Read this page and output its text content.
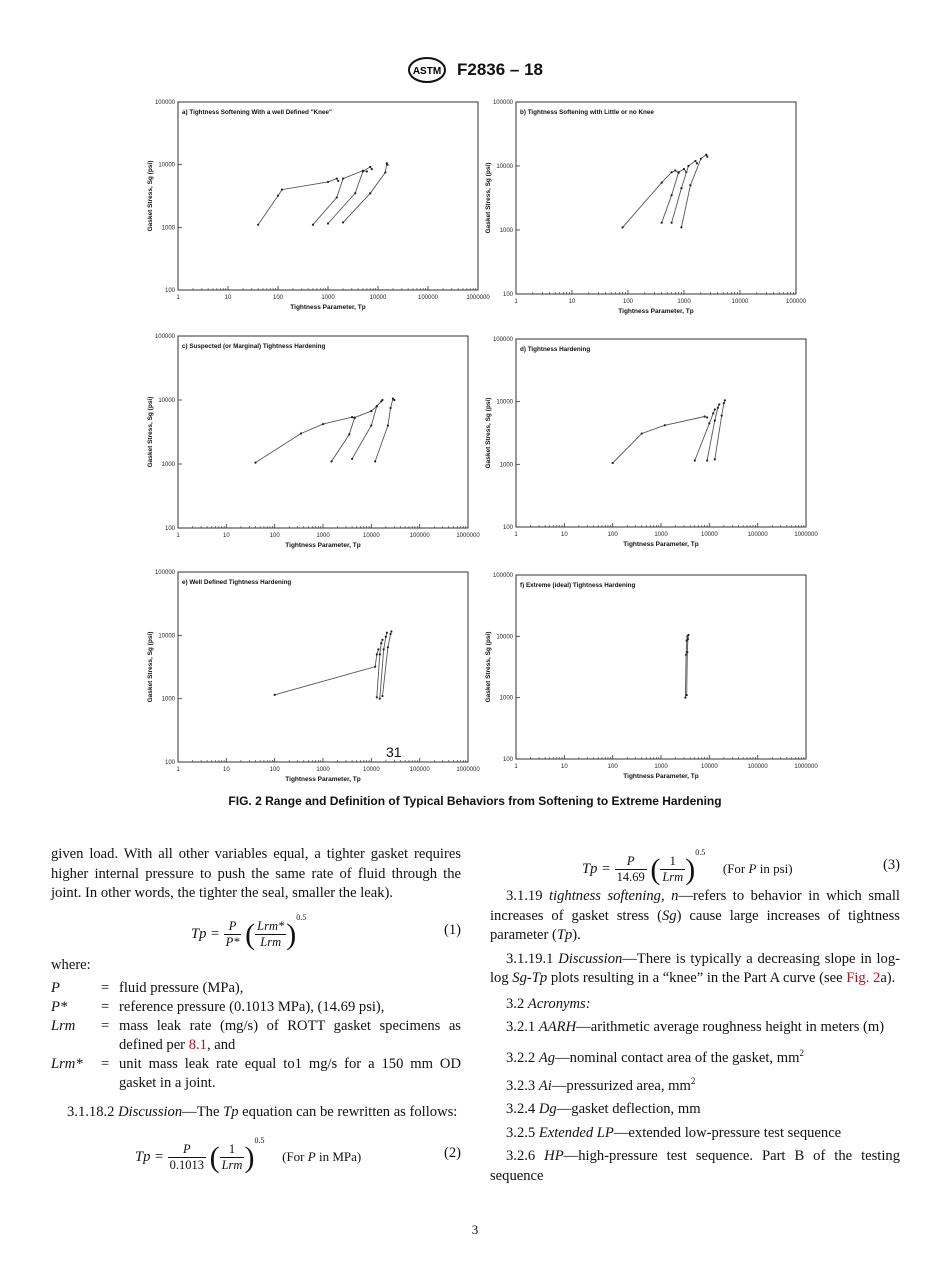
ASTM F2836 – 18
1	10	100	1000	10000	100000	1000000
100
1000
10000
100000
a) Tightness Softening With a well Defined "Knee"
Tightness Parameter, Tp
Gasket Stress, Sg (psi)
1	10	100	1000	10000	100000
100
1000
10000
100000
b) Tightness Softening with Little or no Knee
Tightness Parameter, Tp
Gasket Stress, Sg (psi)
1	10	100	1000	10000	100000	1000000
100
1000
10000
100000
c) Suspected (or Marginal) Tightness Hardening
Tightness Parameter, Tp
Gasket Stress, Sg (psi)
1	10	100	1000	10000	100000	1000000
100
1000
10000
100000
d) Tightness Hardening
Tightness Parameter, Tp
Gasket Stress, Sg (psi)
1	10	100	1000	10000	100000	1000000
100
1000
10000
100000
e) Well Defined Tightness Hardening
Tightness Parameter, Tp
Gasket Stress, Sg (psi)
1	10	100	1000	10000	100000	1000000
100
1000
10000
100000
f) Extreme (ideal) Tightness Hardening
Tightness Parameter, Tp
Gasket Stress, Sg (psi)
31
FIG. 2 Range and Definition of Typical Behaviors from Softening to Extreme Hardening

given load. With all other variables equal, a tighter gasket requires higher internal pressure to push the same rate of fluid through the joint. In other words, the tighter the seal, smaller the leak).

$Tp = \frac{P}{P*}$ ( $\frac{\text{Lrm*}}{\text{Lrm}} )^{0.5}$
(1)

where:

P	= fluid pressure (MPa),
P*	= reference pressure (0.1013 MPa), (14.69 psi),
Lrm	= mass leak rate (mg/s) of ROTT gasket specimens as defined per 8.1, and
Lrm*	= unit mass leak rate equal to1 mg/s for a 150 mm OD gasket in a joint.

3.1.18.2 Discussion—The Tp equation can be rewritten as follows:

$Tp = \frac{P}{0.1013}$ ( $\frac{1}{\text{Lrm}} )^{0.5}$ (For P in MPa)	(2)
$Tp = \frac{P}{14.69}$ ( $\frac{1}{\text{Lrm}} )^{0.5}$ (For P in psi)	(3)

3.1.19 tightness softening, n—refers to behavior in which small increases of gasket stress (Sg) cause large increases of tightness parameter (Tp).

3.1.19.1 Discussion—There is typically a decreasing slope in log-log Sg-Tp plots resulting in a “knee” in the Part A curve (see Fig. 2a).

3.2 Acronyms:

3.2.1 AARH—arithmetic average roughness height in meters (m)

3.2.2 Ag—nominal contact area of the gasket, $mm^2$

3.2.3 Ai—pressurized area, $mm^2$

3.2.4 Dg—gasket deflection, mm

3.2.5 Extended LP—extended low-pressure test sequence

3.2.6 HP—high-pressure test sequence. Part B of the testing sequence

3
